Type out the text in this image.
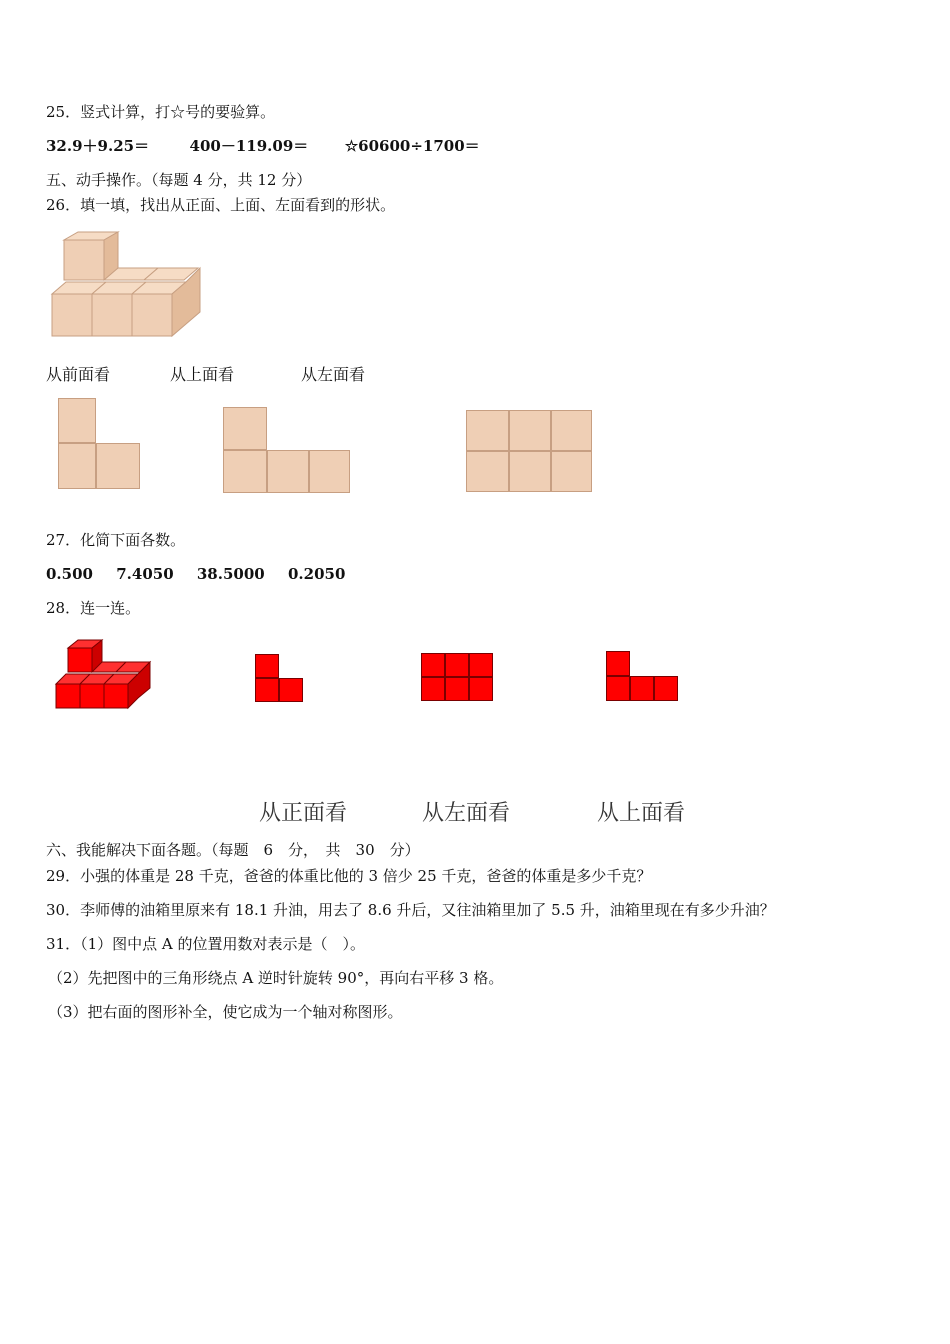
25．竖式计算，打☆号的要验算。
32.9＋9.25＝	400－119.09＝ ☆60600÷1700＝
五、动手操作。（每题 4 分，共 12 分）
26．填一填，找出从正面、上面、左面看到的形状。
从前面看	从上面看	从左面看
27．化简下面各数。
0.500 7.4050 38.5000 0.2050
28．连一连。
从正面看	从左面看	从上面看
六、我能解决下面各题。（每题　6　分，　共　30　分）
29．小强的体重是 28 千克，爸爸的体重比他的 3 倍少 25 千克，爸爸的体重是多少千克？
30．李师傅的油箱里原来有 18.1 升油，用去了 8.6 升后，又往油箱里加了 5.5 升，油箱里现在有多少升油？
31．（1）图中点 A 的位置用数对表示是（　）。
（2）先把图中的三角形绕点 A 逆时针旋转 90°，再向右平移 3 格。
（3）把右面的图形补全，使它成为一个轴对称图形。
